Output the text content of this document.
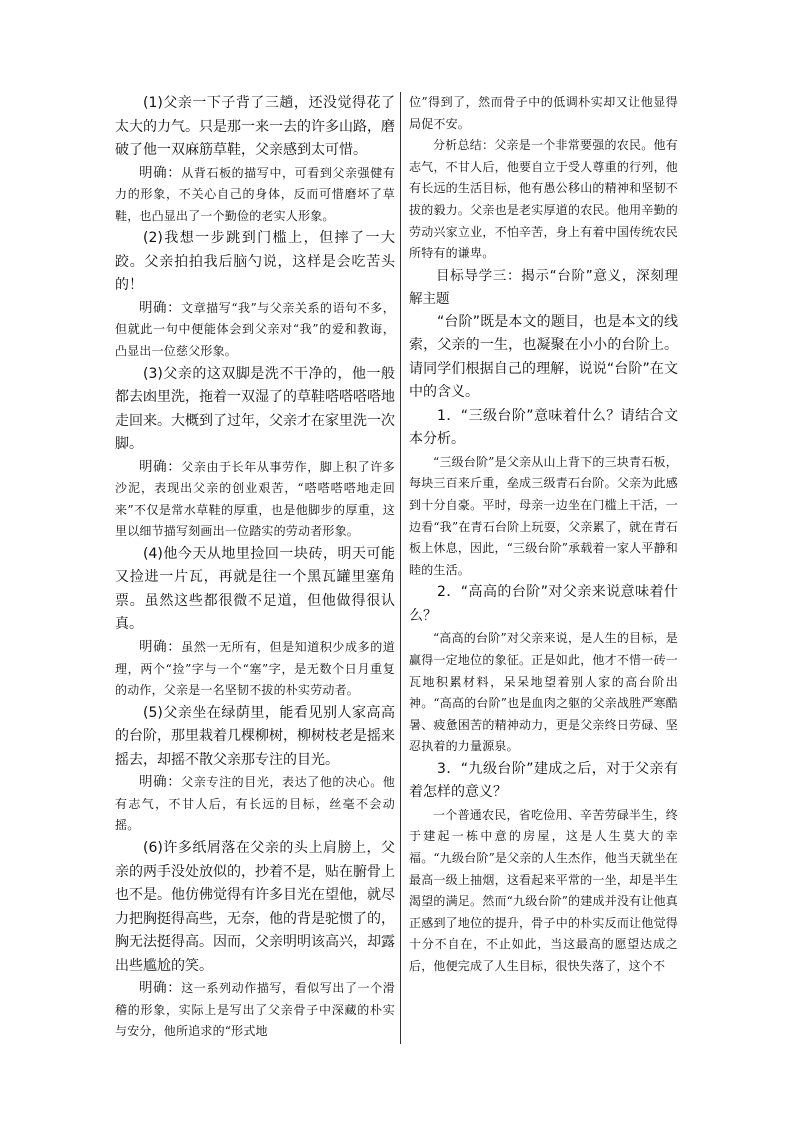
(1)父亲一下子背了三趟，还没觉得花了太大的力气。只是那一来一去的许多山路，磨破了他一双麻筋草鞋，父亲感到太可惜。

明确：从背石板的描写中，可看到父亲强健有力的形象，不关心自己的身体，反而可惜磨坏了草鞋，也凸显出了一个勤俭的老实人形象。

(2)我想一步跳到门槛上，但摔了一大跤。父亲拍拍我后脑勺说，这样是会吃苦头的！

明确：文章描写“我”与父亲关系的语句不多，但就此一句中便能体会到父亲对“我”的爱和教诲，凸显出一位慈父形象。

(3)父亲的这双脚是洗不干净的，他一般都去凼里洗，拖着一双湿了的草鞋嗒嗒嗒嗒地走回来。大概到了过年，父亲才在家里洗一次脚。

明确：父亲由于长年从事劳作，脚上积了许多沙泥，表现出父亲的创业艰苦，“嗒嗒嗒嗒地走回来”不仅是常水草鞋的厚重，也是他脚步的厚重，这里以细节描写刻画出一位踏实的劳动者形象。

(4)他今天从地里捡回一块砖，明天可能又捡进一片瓦，再就是往一个黑瓦罐里塞角票。虽然这些都很微不足道，但他做得很认真。

明确：虽然一无所有，但是知道积少成多的道理，两个“捡”字与一个“塞”字，是无数个日月重复的动作，父亲是一名坚韧不拔的朴实劳动者。

(5)父亲坐在绿荫里，能看见别人家高高的台阶，那里栽着几棵柳树，柳树枝老是摇来摇去，却摇不散父亲那专注的目光。

明确：父亲专注的目光，表达了他的决心。他有志气，不甘人后，有长远的目标，丝毫不会动摇。

(6)许多纸屑落在父亲的头上肩膀上，父亲的两手没处放似的，抄着不是，贴在腑骨上也不是。他仿佛觉得有许多目光在望他，就尽力把胸挺得高些，无奈，他的背是驼惯了的，胸无法挺得高。因而，父亲明明该高兴，却露出些尴尬的笑。

明确：这一系列动作描写，看似写出了一个滑稽的形象，实际上是写出了父亲骨子中深藏的朴实与安分，他所追求的“形式地

位”得到了，然而骨子中的低调朴实却又让他显得局促不安。

分析总结：父亲是一个非常要强的农民。他有志气，不甘人后，他要自立于受人尊重的行列，他有长远的生活目标，他有愚公移山的精神和坚韧不拔的毅力。父亲也是老实厚道的农民。他用辛勤的劳动兴家立业，不怕辛苦，身上有着中国传统农民所特有的谦卑。

目标导学三：揭示“台阶”意义，深刻理解主题

“台阶”既是本文的题目，也是本文的线索，父亲的一生，也凝聚在小小的台阶上。请同学们根据自己的理解，说说“台阶”在文中的含义。

1．“三级台阶”意味着什么？请结合文本分析。

“三级台阶”是父亲从山上背下的三块青石板，每块三百来斤重，垒成三级青石台阶。父亲为此感到十分自豪。平时，母亲一边坐在门槛上干活，一边看“我”在青石台阶上玩耍，父亲累了，就在青石板上休息，因此，“三级台阶”承载着一家人平静和睦的生活。

2．“高高的台阶”对父亲来说意味着什么？

“高高的台阶”对父亲来说，是人生的目标，是赢得一定地位的象征。正是如此，他才不惜一砖一瓦地积累材料，呆呆地望着别人家的高台阶出神。“高高的台阶”也是血肉之躯的父亲战胜严寒酷暑、疲惫困苦的精神动力，更是父亲终日劳碌、坚忍执着的力量源泉。

3．“九级台阶”建成之后，对于父亲有着怎样的意义？

一个普通农民，省吃俭用、辛苦劳碌半生，终于建起一栋中意的房屋，这是人生莫大的幸福。“九级台阶”是父亲的人生杰作，他当天就坐在最高一级上抽烟，这看起来平常的一坐，却是半生渴望的满足。然而“九级台阶”的建成并没有让他真正感到了地位的提升，骨子中的朴实反而让他觉得十分不自在，不止如此，当这最高的愿望达成之后，他便完成了人生目标，很快失落了，这个不
